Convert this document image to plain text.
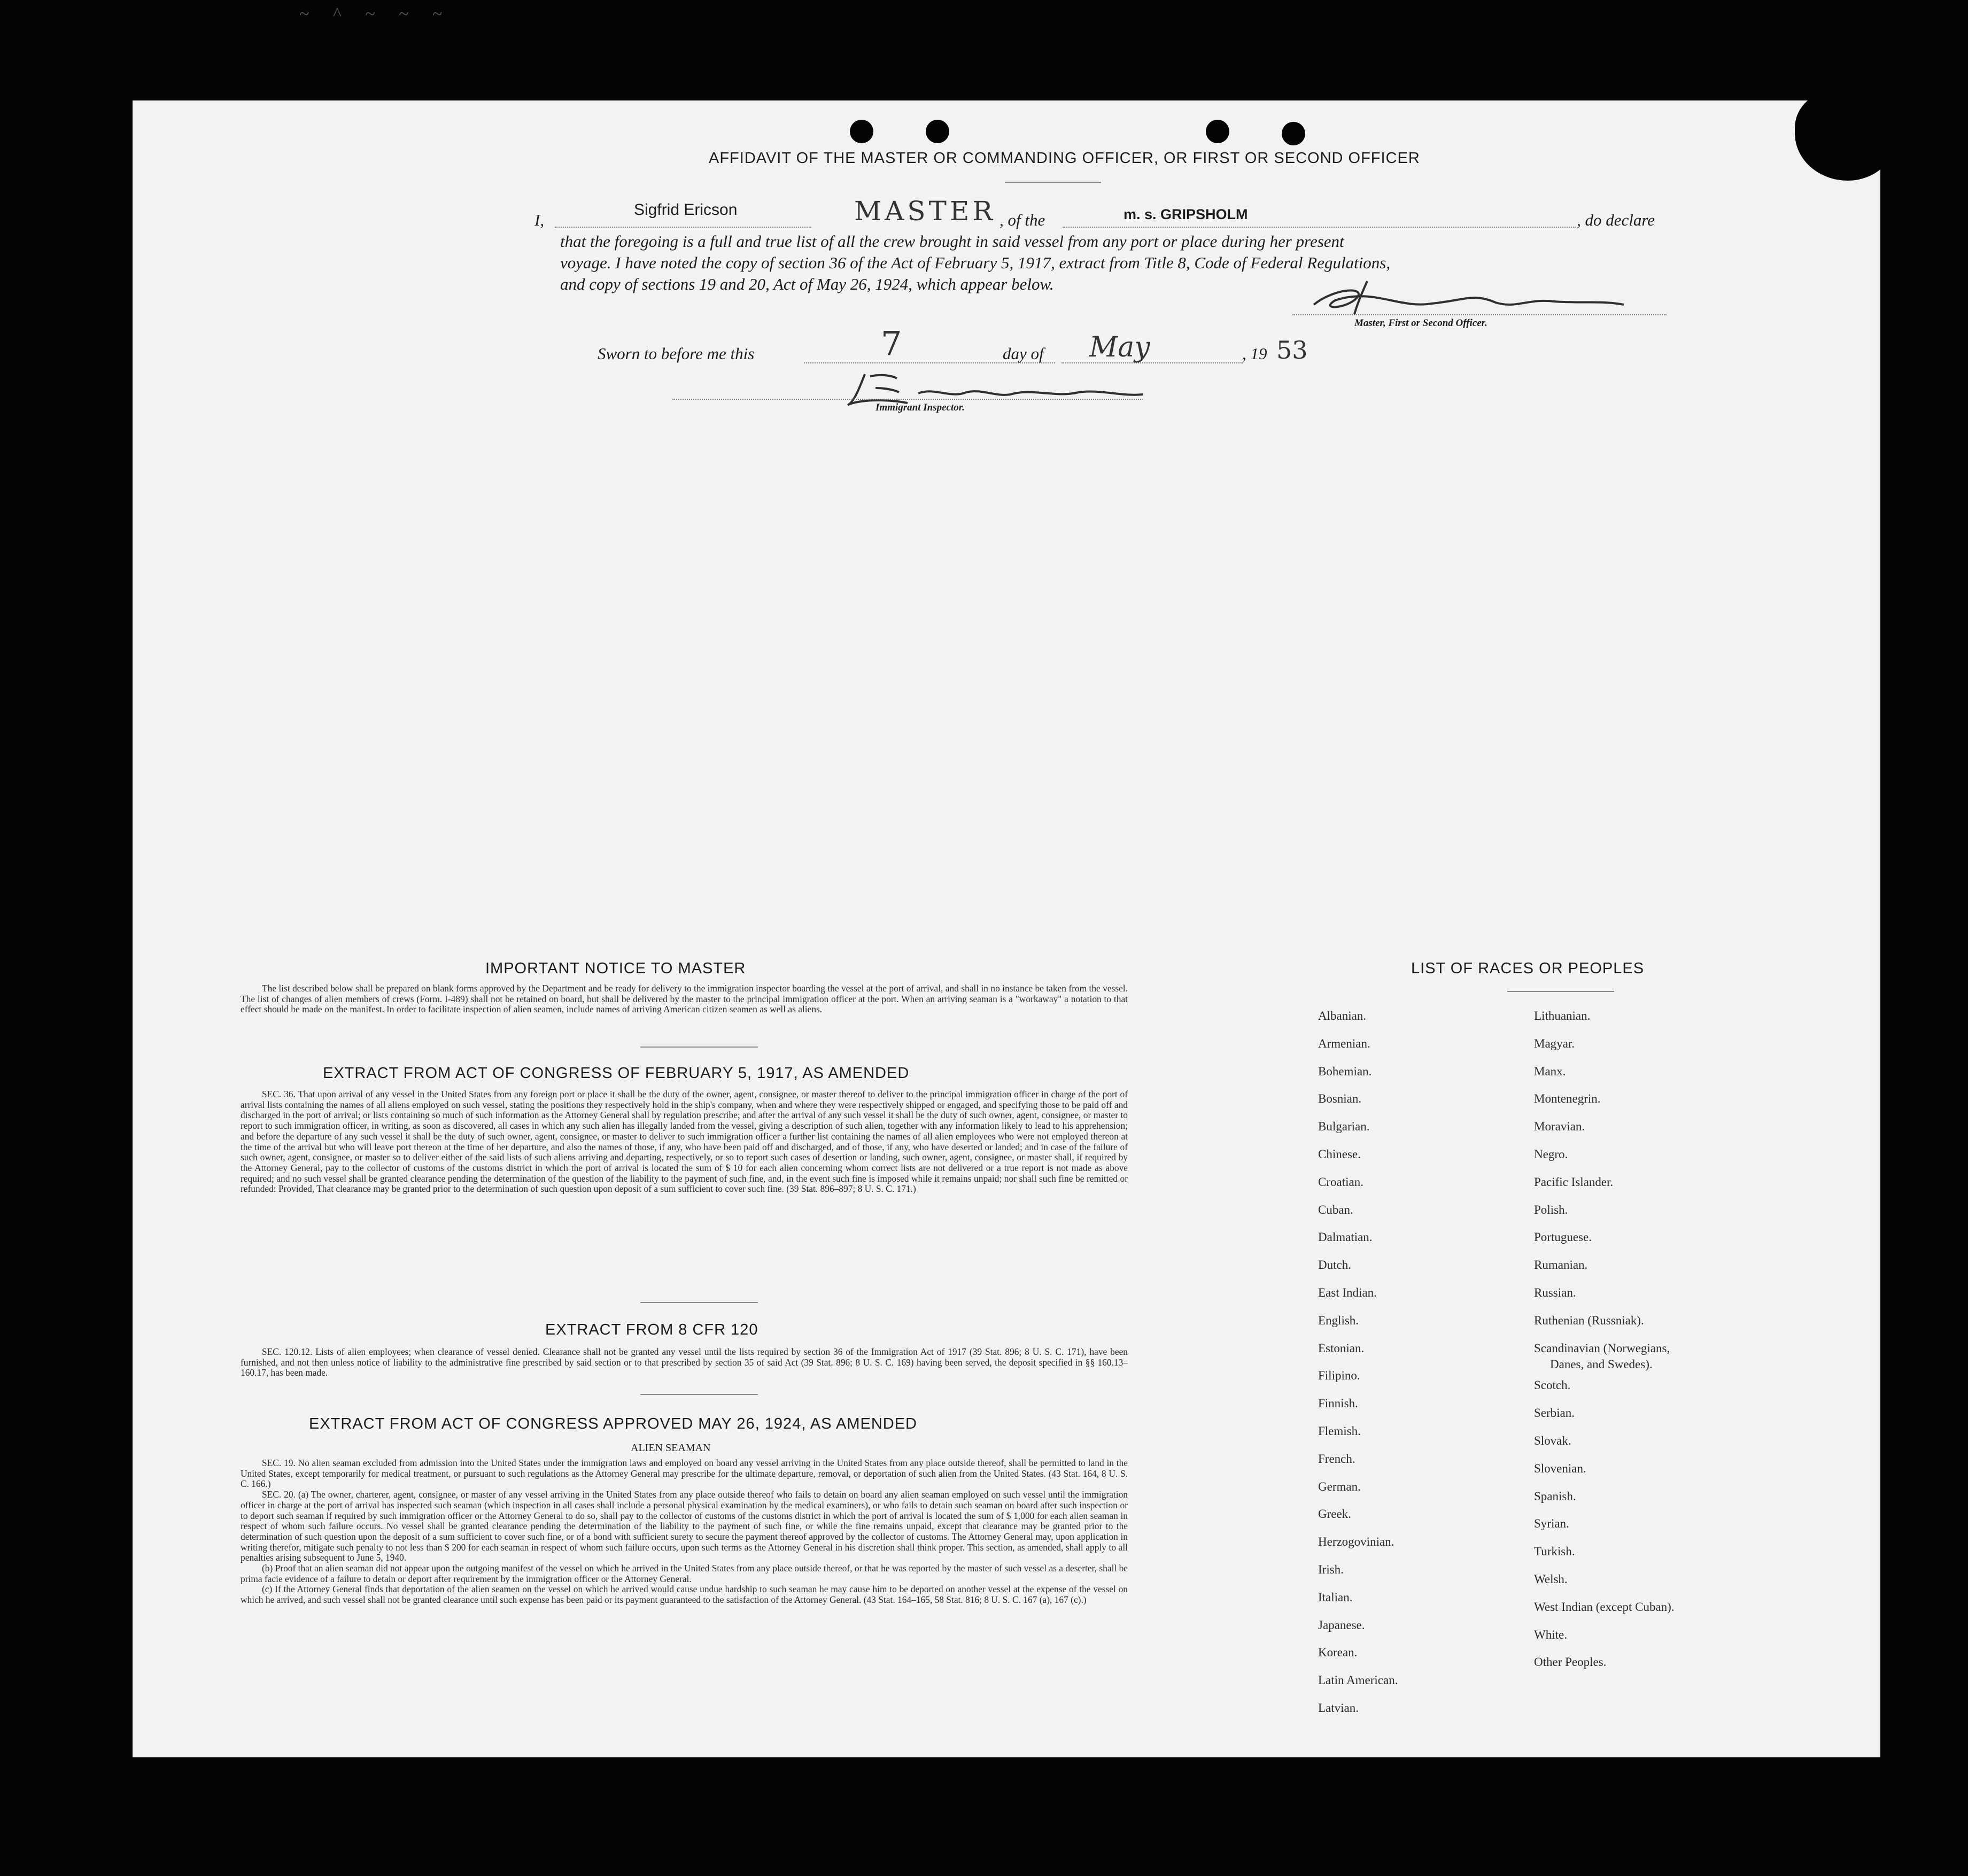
~ ^ ~ ~ ~
AFFIDAVIT OF THE MASTER OR COMMANDING OFFICER, OR FIRST OR SECOND OFFICER
I,
Sigfrid Ericson	MASTER , of the	m. s. GRIPSHOLM	, do declare
that the foregoing is a full and true list of all the crew brought in said vessel from any port or place during her present
voyage. I have noted the copy of section 36 of the Act of February 5, 1917, extract from Title 8, Code of Federal Regulations,
and copy of sections 19 and 20, Act of May 26, 1924, which appear below.
Master, First or Second Officer.
Sworn to before me this	7	day of May	, 19 53
Immigrant Inspector.
IMPORTANT NOTICE TO MASTER

The list described below shall be prepared on blank forms approved by the Department and be ready for delivery to the immigration inspector boarding the vessel at the port of arrival, and shall in no instance be taken from the vessel. The list of changes of alien members of crews (Form. I-489) shall not be retained on board, but shall be delivered by the master to the principal immigration officer at the port. When an arriving seaman is a "workaway" a notation to that effect should be made on the manifest. In order to facilitate inspection of alien seamen, include names of arriving American citizen seamen as well as aliens.

EXTRACT FROM ACT OF CONGRESS OF FEBRUARY 5, 1917, AS AMENDED

SEC. 36. That upon arrival of any vessel in the United States from any foreign port or place it shall be the duty of the owner, agent, consignee, or master thereof to deliver to the principal immigration officer in charge of the port of arrival lists containing the names of all aliens employed on such vessel, stating the positions they respectively hold in the ship's company, when and where they were respectively shipped or engaged, and specifying those to be paid off and discharged in the port of arrival; or lists containing so much of such information as the Attorney General shall by regulation prescribe; and after the arrival of any such vessel it shall be the duty of such owner, agent, consignee, or master to report to such immigration officer, in writing, as soon as discovered, all cases in which any such alien has illegally landed from the vessel, giving a description of such alien, together with any information likely to lead to his apprehension; and before the departure of any such vessel it shall be the duty of such owner, agent, consignee, or master to deliver to such immigration officer a further list containing the names of all alien employees who were not employed thereon at the time of the arrival but who will leave port thereon at the time of her departure, and also the names of those, if any, who have been paid off and discharged, and of those, if any, who have deserted or landed; and in case of the failure of such owner, agent, consignee, or master so to deliver either of the said lists of such aliens arriving and departing, respectively, or so to report such cases of desertion or landing, such owner, agent, consignee, or master shall, if required by the Attorney General, pay to the collector of customs of the customs district in which the port of arrival is located the sum of $ 10 for each alien concerning whom correct lists are not delivered or a true report is not made as above required; and no such vessel shall be granted clearance pending the determination of the question of the liability to the payment of such fine, and, in the event such fine is imposed while it remains unpaid; nor shall such fine be remitted or refunded: Provided, That clearance may be granted prior to the determination of such question upon deposit of a sum sufficient to cover such fine. (39 Stat. 896–897; 8 U. S. C. 171.)

EXTRACT FROM 8 CFR 120

SEC. 120.12. Lists of alien employees; when clearance of vessel denied. Clearance shall not be granted any vessel until the lists required by section 36 of the Immigration Act of 1917 (39 Stat. 896; 8 U. S. C. 171), have been furnished, and not then unless notice of liability to the administrative fine prescribed by said section or to that prescribed by section 35 of said Act (39 Stat. 896; 8 U. S. C. 169) having been served, the deposit specified in §§ 160.13–160.17, has been made.

EXTRACT FROM ACT OF CONGRESS APPROVED MAY 26, 1924, AS AMENDED
ALIEN SEAMAN

SEC. 19. No alien seaman excluded from admission into the United States under the immigration laws and employed on board any vessel arriving in the United States from any place outside thereof, shall be permitted to land in the United States, except temporarily for medical treatment, or pursuant to such regulations as the Attorney General may prescribe for the ultimate departure, removal, or deportation of such alien from the United States. (43 Stat. 164, 8 U. S. C. 166.)

SEC. 20. (a) The owner, charterer, agent, consignee, or master of any vessel arriving in the United States from any place outside thereof who fails to detain on board any alien seaman employed on such vessel until the immigration officer in charge at the port of arrival has inspected such seaman (which inspection in all cases shall include a personal physical examination by the medical examiners), or who fails to detain such seaman on board after such inspection or to deport such seaman if required by such immigration officer or the Attorney General to do so, shall pay to the collector of customs of the customs district in which the port of arrival is located the sum of $ 1,000 for each alien seaman in respect of whom such failure occurs. No vessel shall be granted clearance pending the determination of the liability to the payment of such fine, or while the fine remains unpaid, except that clearance may be granted prior to the determination of such question upon the deposit of a sum sufficient to cover such fine, or of a bond with sufficient surety to secure the payment thereof approved by the collector of customs. The Attorney General may, upon application in writing therefor, mitigate such penalty to not less than $ 200 for each seaman in respect of whom such failure occurs, upon such terms as the Attorney General in his discretion shall think proper. This section, as amended, shall apply to all penalties arising subsequent to June 5, 1940.

(b) Proof that an alien seaman did not appear upon the outgoing manifest of the vessel on which he arrived in the United States from any place outside thereof, or that he was reported by the master of such vessel as a deserter, shall be prima facie evidence of a failure to detain or deport after requirement by the immigration officer or the Attorney General.

(c) If the Attorney General finds that deportation of the alien seamen on the vessel on which he arrived would cause undue hardship to such seaman he may cause him to be deported on another vessel at the expense of the vessel on which he arrived, and such vessel shall not be granted clearance until such expense has been paid or its payment guaranteed to the satisfaction of the Attorney General. (43 Stat. 164–165, 58 Stat. 816; 8 U. S. C. 167 (a), 167 (c).)

LIST OF RACES OR PEOPLES
Albanian.
Armenian.
Bohemian.
Bosnian.
Bulgarian.
Chinese.
Croatian.
Cuban.
Dalmatian.
Dutch.
East Indian.
English.
Estonian.
Filipino.
Finnish.
Flemish.
French.
German.
Greek.
Herzogovinian.
Irish.
Italian.
Japanese.
Korean.
Latin American.
Latvian.
Lithuanian.
Magyar.
Manx.
Montenegrin.
Moravian.
Negro.
Pacific Islander.
Polish.
Portuguese.
Rumanian.
Russian.
Ruthenian (Russniak).
Scandinavian (Norwegians,
Danes, and Swedes).
Scotch.
Serbian.
Slovak.
Slovenian.
Spanish.
Syrian.
Turkish.
Welsh.
West Indian (except Cuban).
White.
Other Peoples.
